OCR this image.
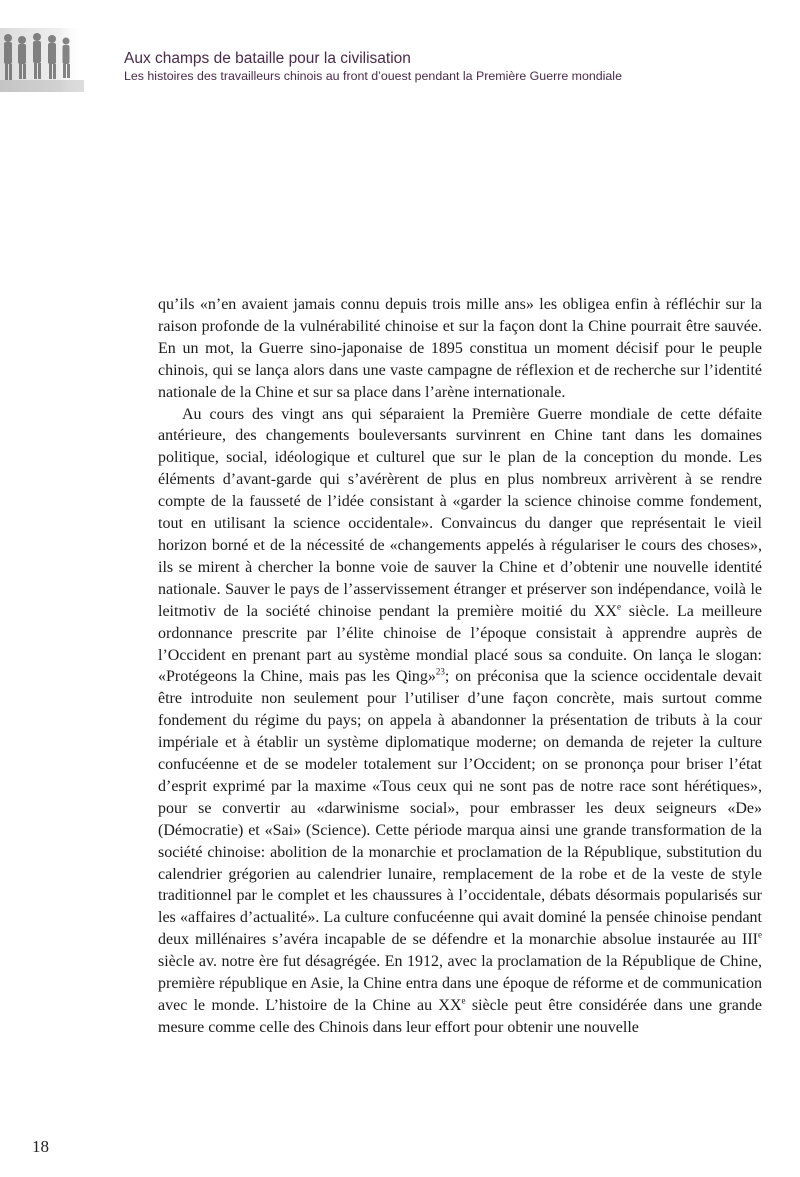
Aux champs de bataille pour la civilisation
Les histoires des travailleurs chinois au front d’ouest pendant la Première Guerre mondiale

qu’ils «n’en avaient jamais connu depuis trois mille ans» les obligea enfin à réfléchir sur la raison profonde de la vulnérabilité chinoise et sur la façon dont la Chine pourrait être sauvée. En un mot, la Guerre sino-japonaise de 1895 constitua un moment décisif pour le peuple chinois, qui se lança alors dans une vaste campagne de réflexion et de recherche sur l’identité nationale de la Chine et sur sa place dans l’arène internationale.

Au cours des vingt ans qui séparaient la Première Guerre mondiale de cette défaite antérieure, des changements bouleversants survinrent en Chine tant dans les domaines politique, social, idéologique et culturel que sur le plan de la conception du monde. Les éléments d’avant-garde qui s’avérèrent de plus en plus nombreux arrivèrent à se rendre compte de la fausseté de l’idée consistant à «garder la science chinoise comme fondement, tout en utilisant la science occidentale». Convaincus du danger que représentait le vieil horizon borné et de la nécessité de «changements appelés à régulariser le cours des choses», ils se mirent à chercher la bonne voie de sauver la Chine et d’obtenir une nouvelle identité nationale. Sauver le pays de l’asservissement étranger et préserver son indépendance, voilà le leitmotiv de la société chinoise pendant la première moitié du XXe siècle. La meilleure ordonnance prescrite par l’élite chinoise de l’époque consistait à apprendre auprès de l’Occident en prenant part au système mondial placé sous sa conduite. On lança le slogan: «Protégeons la Chine, mais pas les Qing»$^{23}$; on préconisa que la science occidentale devait être introduite non seulement pour l’utiliser d’une façon concrète, mais surtout comme fondement du régime du pays; on appela à abandonner la présentation de tributs à la cour impériale et à établir un système diplomatique moderne; on demanda de rejeter la culture confucéenne et de se modeler totalement sur l’Occident; on se prononça pour briser l’état d’esprit exprimé par la maxime «Tous ceux qui ne sont pas de notre race sont hérétiques», pour se convertir au «darwinisme social», pour embrasser les deux seigneurs «De» (Démocratie) et «Sai» (Science). Cette période marqua ainsi une grande transformation de la société chinoise: abolition de la monarchie et proclamation de la République, substitution du calendrier grégorien au calendrier lunaire, remplacement de la robe et de la veste de style traditionnel par le complet et les chaussures à l’occidentale, débats désormais popularisés sur les «affaires d’actualité». La culture confucéenne qui avait dominé la pensée chinoise pendant deux millénaires s’avéra incapable de se défendre et la monarchie absolue instaurée au IIIe siècle av. notre ère fut désagrégée. En 1912, avec la proclamation de la République de Chine, première république en Asie, la Chine entra dans une époque de réforme et de communication avec le monde. L’histoire de la Chine au XXe siècle peut être considérée dans une grande mesure comme celle des Chinois dans leur effort pour obtenir une nouvelle

18
